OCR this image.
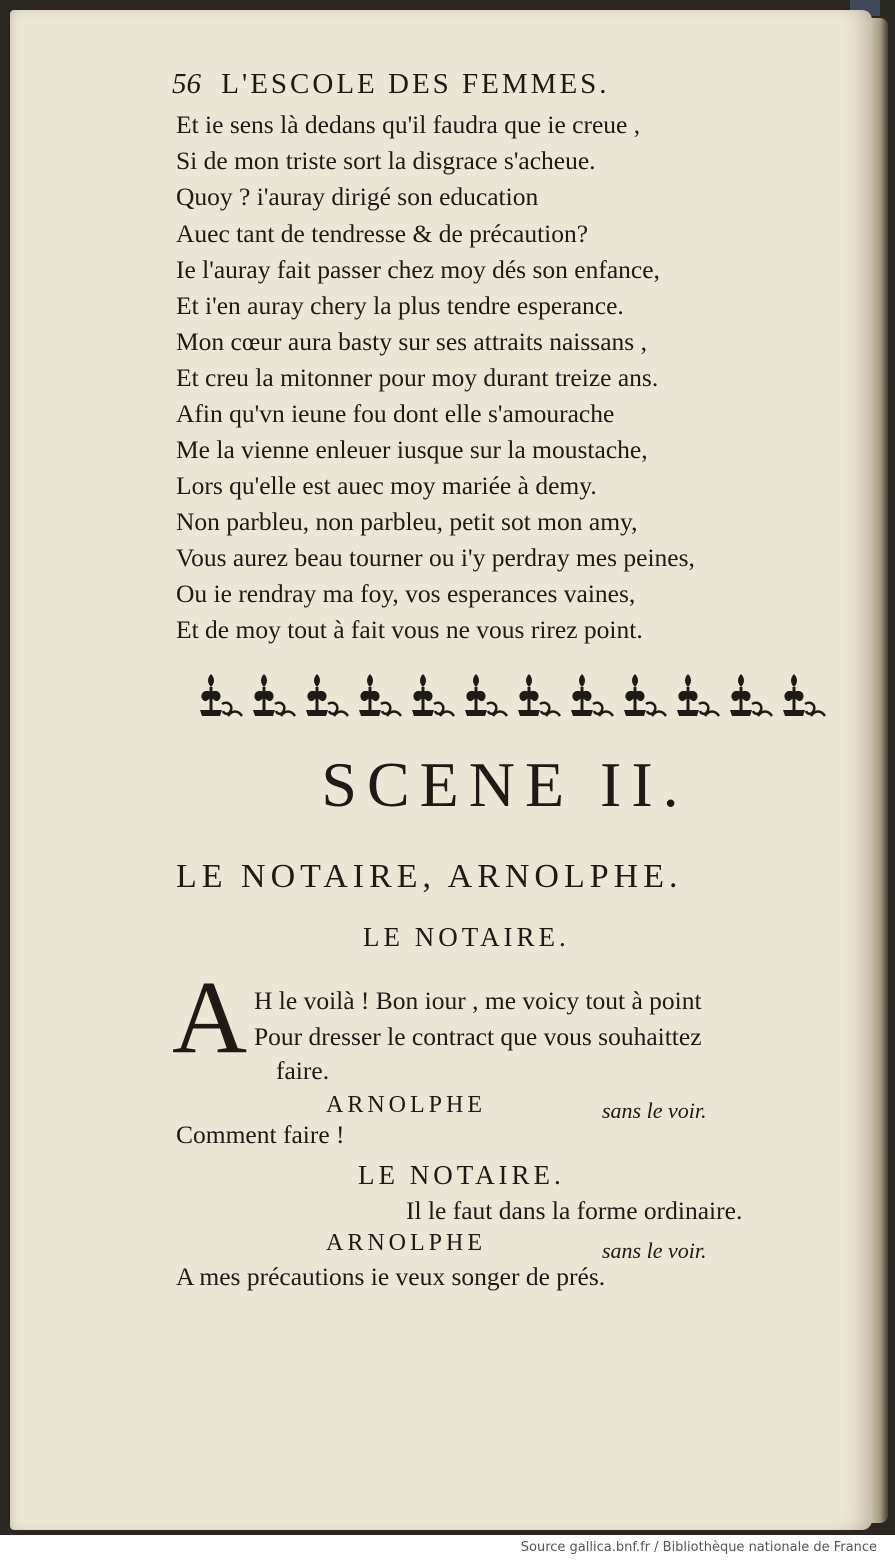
56 L'ESCOLE DES FEMMES.
Et ie sens là dedans qu'il faudra que ie creue ,
Si de mon triste sort la disgrace s'acheue.
Quoy ? i'auray dirigé son education
Auec tant de tendresse & de précaution?
Ie l'auray fait passer chez moy dés son enfance,
Et i'en auray chery la plus tendre esperance.
Mon cœur aura basty sur ses attraits naissans ,
Et creu la mitonner pour moy durant treize ans.
Afin qu'vn ieune fou dont elle s'amourache
Me la vienne enleuer iusque sur la moustache,
Lors qu'elle est auec moy mariée à demy.
Non parbleu, non parbleu, petit sot mon amy,
Vous aurez beau tourner ou i'y perdray mes peines,
Ou ie rendray ma foy, vos esperances vaines,
Et de moy tout à fait vous ne vous rirez point.
SCENE II.
LE NOTAIRE, ARNOLPHE.
LE NOTAIRE.
A H le voilà ! Bon iour , me voicy tout à point
Pour dresser le contract que vous souhaittez
faire.
ARNOLPHE	sans le voir.
Comment faire !
LE NOTAIRE.
Il le faut dans la forme ordinaire.
ARNOLPHE	sans le voir.
A mes précautions ie veux songer de prés.
Source gallica.bnf.fr / Bibliothèque nationale de France
